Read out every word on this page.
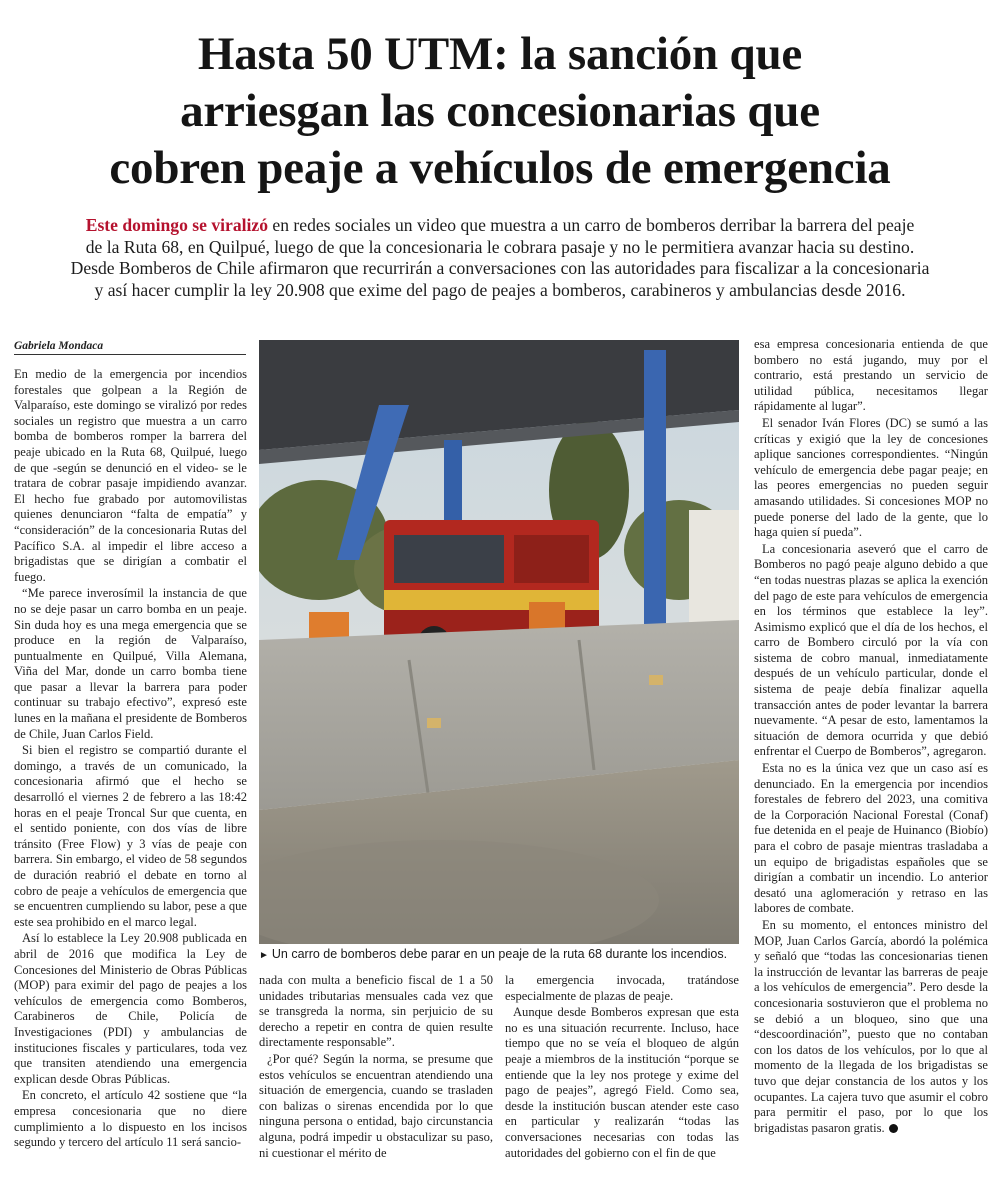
Hasta 50 UTM: la sanción que
arriesgan las concesionarias que
cobren peaje a vehículos de emergencia
Este domingo se viralizó en redes sociales un video que muestra a un carro de bomberos derribar la barrera del peaje
de la Ruta 68, en Quilpué, luego de que la concesionaria le cobrara pasaje y no le permitiera avanzar hacia su destino.
Desde Bomberos de Chile afirmaron que recurrirán a conversaciones con las autoridades para fiscalizar a la concesionaria
y así hacer cumplir la ley 20.908 que exime del pago de peajes a bomberos, carabineros y ambulancias desde 2016.
Gabriela Mondaca

En medio de la emergencia por incendios forestales que golpean a la Región de Valparaíso, este domingo se viralizó por redes sociales un registro que muestra a un carro bomba de bomberos romper la barrera del peaje ubicado en la Ruta 68, Quilpué, luego de que -según se denunció en el video- se le tratara de cobrar pasaje impidiendo avanzar. El hecho fue grabado por automovilistas quienes denunciaron “falta de empatía” y “consideración” de la concesionaria Rutas del Pacífico S.A. al impedir el libre acceso a brigadistas que se dirigían a combatir el fuego.

“Me parece inverosímil la instancia de que no se deje pasar un carro bomba en un peaje. Sin duda hoy es una mega emergencia que se produce en la región de Valparaíso, puntualmente en Quilpué, Villa Alemana, Viña del Mar, donde un carro bomba tiene que pasar a llevar la barrera para poder continuar su trabajo efectivo”, expresó este lunes en la mañana el presidente de Bomberos de Chile, Juan Carlos Field.

Si bien el registro se compartió durante el domingo, a través de un comunicado, la concesionaria afirmó que el hecho se desarrolló el viernes 2 de febrero a las 18:42 horas en el peaje Troncal Sur que cuenta, en el sentido poniente, con dos vías de libre tránsito (Free Flow) y 3 vías de peaje con barrera. Sin embargo, el video de 58 segundos de duración reabrió el debate en torno al cobro de peaje a vehículos de emergencia que se encuentren cumpliendo su labor, pese a que este sea prohibido en el marco legal.

Así lo establece la Ley 20.908 publicada en abril de 2016 que modifica la Ley de Concesiones del Ministerio de Obras Públicas (MOP) para eximir del pago de peajes a los vehículos de emergencia como Bomberos, Carabineros de Chile, Policía de Investigaciones (PDI) y ambulancias de instituciones fiscales y particulares, toda vez que transiten atendiendo una emergencia explican desde Obras Públicas.

En concreto, el artículo 42 sostiene que “la empresa concesionaria que no diere cumplimiento a lo dispuesto en los incisos segundo y tercero del artículo 11 será sancio-

► Un carro de bomberos debe parar en un peaje de la ruta 68 durante los incendios.

nada con multa a beneficio fiscal de 1 a 50 unidades tributarias mensuales cada vez que se transgreda la norma, sin perjuicio de su derecho a repetir en contra de quien resulte directamente responsable”.

¿Por qué? Según la norma, se presume que estos vehículos se encuentran atendiendo una situación de emergencia, cuando se trasladen con balizas o sirenas encendida por lo que ninguna persona o entidad, bajo circunstancia alguna, podrá impedir u obstaculizar su paso, ni cuestionar el mérito de

la emergencia invocada, tratándose especialmente de plazas de peaje.

Aunque desde Bomberos expresan que esta no es una situación recurrente. Incluso, hace tiempo que no se veía el bloqueo de algún peaje a miembros de la institución “porque se entiende que la ley nos protege y exime del pago de peajes”, agregó Field. Como sea, desde la institución buscan atender este caso en particular y realizarán “todas las conversaciones necesarias con todas las autoridades del gobierno con el fin de que

esa empresa concesionaria entienda de que bombero no está jugando, muy por el contrario, está prestando un servicio de utilidad pública, necesitamos llegar rápidamente al lugar”.

El senador Iván Flores (DC) se sumó a las críticas y exigió que la ley de concesiones aplique sanciones correspondientes. “Ningún vehículo de emergencia debe pagar peaje; en las peores emergencias no pueden seguir amasando utilidades. Si concesiones MOP no puede ponerse del lado de la gente, que lo haga quien sí pueda”.

La concesionaria aseveró que el carro de Bomberos no pagó peaje alguno debido a que “en todas nuestras plazas se aplica la exención del pago de este para vehículos de emergencia en los términos que establece la ley”. Asimismo explicó que el día de los hechos, el carro de Bombero circuló por la vía con sistema de cobro manual, inmediatamente después de un vehículo particular, donde el sistema de peaje debía finalizar aquella transacción antes de poder levantar la barrera nuevamente. “A pesar de esto, lamentamos la situación de demora ocurrida y que debió enfrentar el Cuerpo de Bomberos”, agregaron.

Esta no es la única vez que un caso así es denunciado. En la emergencia por incendios forestales de febrero del 2023, una comitiva de la Corporación Nacional Forestal (Conaf) fue detenida en el peaje de Huinanco (Biobío) para el cobro de pasaje mientras trasladaba a un equipo de brigadistas españoles que se dirigían a combatir un incendio. Lo anterior desató una aglomeración y retraso en las labores de combate.

En su momento, el entonces ministro del MOP, Juan Carlos García, abordó la polémica y señaló que “todas las concesionarias tienen la instrucción de levantar las barreras de peaje a los vehículos de emergencia”. Pero desde la concesionaria sostuvieron que el problema no se debió a un bloqueo, sino que una “descoordinación”, puesto que no contaban con los datos de los vehículos, por lo que al momento de la llegada de los brigadistas se tuvo que dejar constancia de los autos y los ocupantes. La cajera tuvo que asumir el cobro para permitir el paso, por lo que los brigadistas pasaron gratis.
